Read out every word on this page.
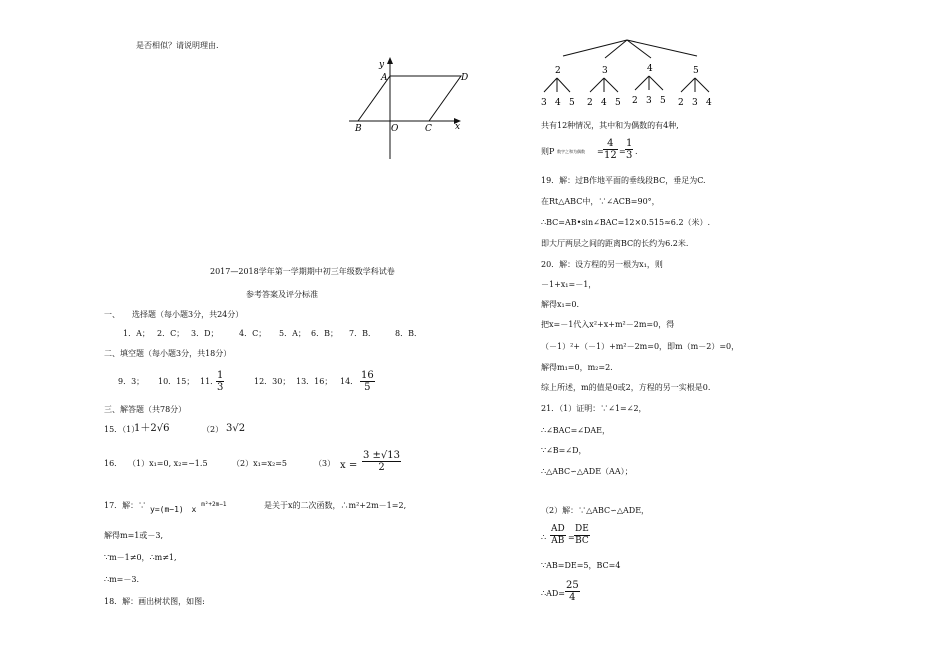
是否相似？请说明理由.
y
x
A	D
B	O	C
2017—2018学年第一学期期中初三年级数学科试卷
参考答案及评分标准
一、　　选择题（每小题3分，共24分）
1．A； 2．C； 3．D；	4．C； 5．A； 6．B； 7．B． 8．B．
二、填空题（每小题3分，共18分）
9．3； 10．15； 11．
$\frac{1}{3}$	12．30； 13．16； 14． $\frac{16}{5}$
三、解答题（共78分）
15．（1）
1＋2√6	（2） 3√2
16． （1）x₁=0, x₂=−1.5	（2）x₁=x₂=5	（3） $x = \frac{3 \pm√13}{2}$
17．解：∵ y=(m−1) x $^{m^2+2m-1}$	是关于x的二次函数，∴m²+2m－1=2,
解得m=1或－3,
∵m－1≠0，∴m≠1,
∴m=－3.
18．解：画出树状图，如图:
2	3	4	5
3 4 5 2 4 5 2 3 5 2 3 4
共有12种情况，其中和为偶数的有4种,
则P 数字之和为偶数 = $\frac{4}{12} = \frac{1}{3}$ .
19．解：过B作地平面的垂线段BC，垂足为C.
在Rt△ABC中，∵∠ACB=90°，
∴BC=AB•sin∠BAC=12×0.515≈6.2（米）.
即大厅两层之间的距离BC的长约为6.2米.
20．解：设方程的另一根为x₁，则
－1+x₁=－1，
解得x₁=0.
把x=－1代入x²+x+m²－2m=0，得
（－1）²+（－1）+m²－2m=0，即m（m－2）=0，
解得m₁=0，m₂=2.
综上所述，m的值是0或2，方程的另一实根是0.
21．（1）证明：∵∠1=∠2，
∴∠BAC=∠DAE，
∵∠B=∠D，
∴△ABC∽△ADE（AA）；
（2）解：∵△ABC∽△ADE，
∴ $\frac{AD}{AB} = \frac{DE}{BC}$
∵AB=DE=5，BC=4
∴AD= $\frac{25}{4}$
